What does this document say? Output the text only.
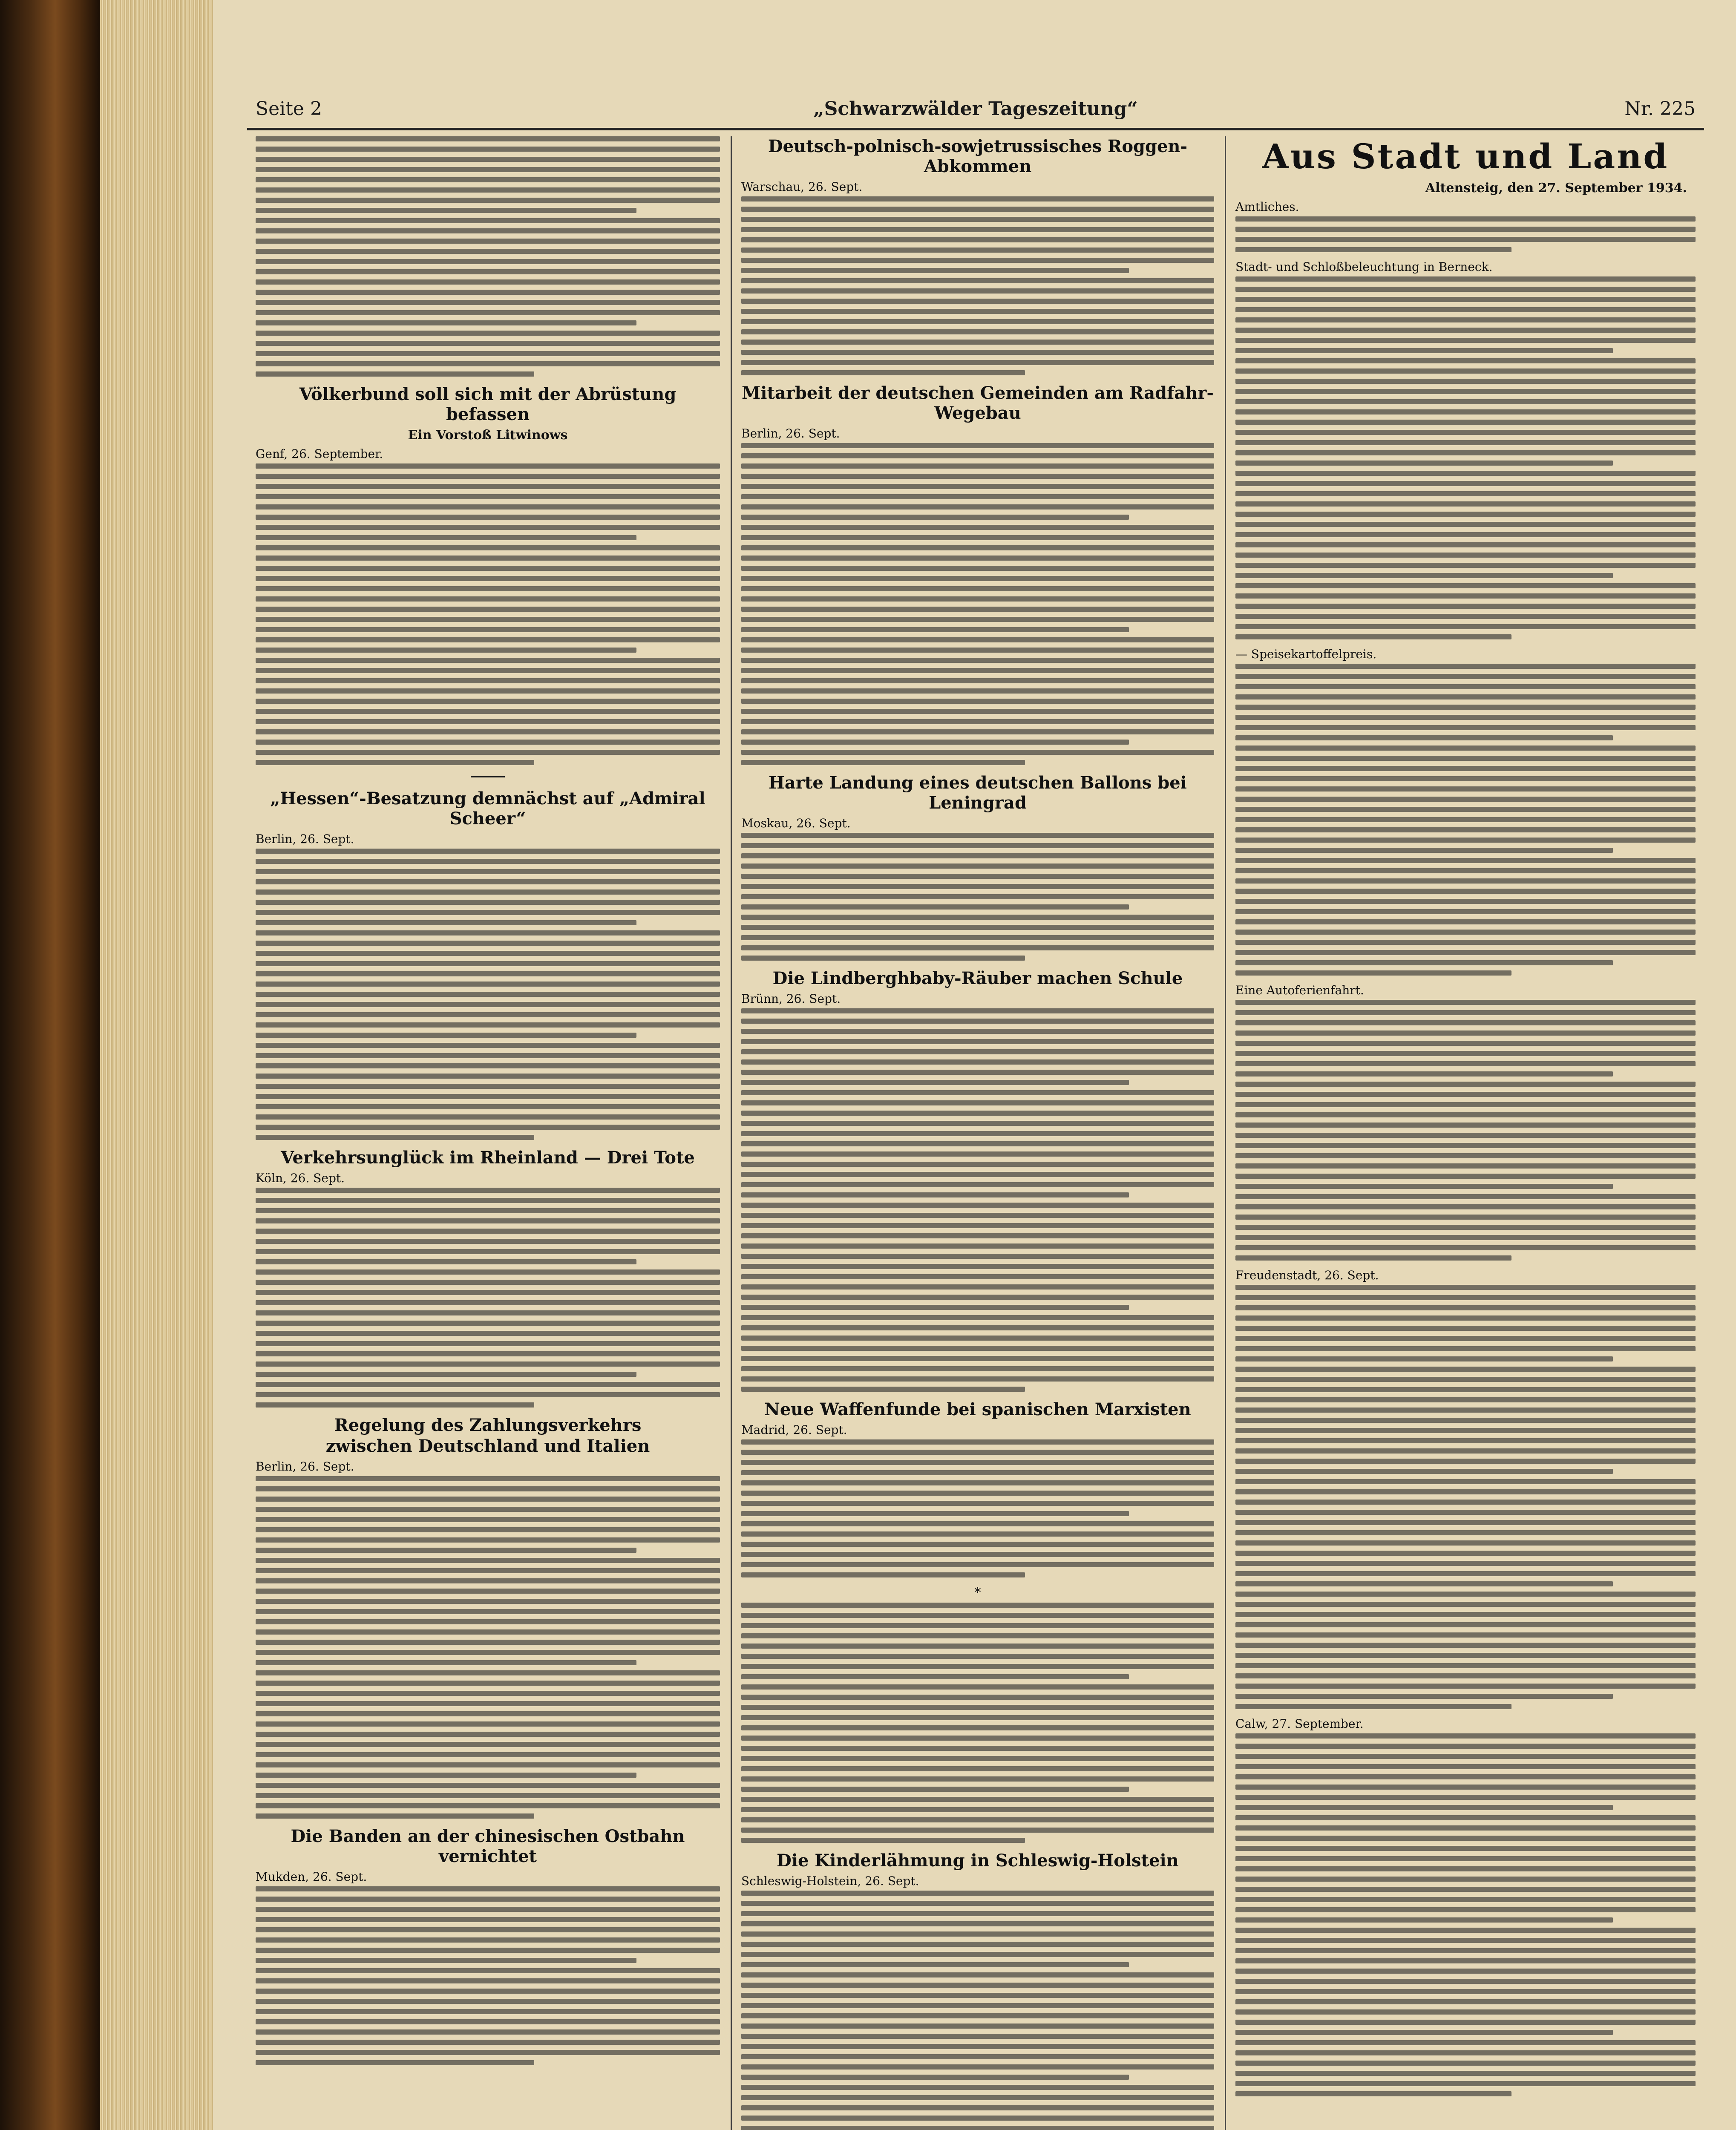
Seite 2	„Schwarzwälder Tageszeitung“	Nr. 225
Völkerbund soll sich mit der Abrüstung befassen
Ein Vorstoß Litwinows
Genf, 26. September.
„Hessen“-Besatzung demnächst auf „Admiral Scheer“
Berlin, 26. Sept.
Verkehrsunglück im Rheinland — Drei Tote
Köln, 26. Sept.
Regelung des Zahlungsverkehrs
zwischen Deutschland und Italien
Berlin, 26. Sept.
Die Banden an der chinesischen Ostbahn vernichtet
Mukden, 26. Sept.
Deutsch-polnisch-sowjetrussisches Roggen-Abkommen
Warschau, 26. Sept.
Mitarbeit der deutschen Gemeinden am Radfahr-Wegebau
Berlin, 26. Sept.
Harte Landung eines deutschen Ballons bei Leningrad
Moskau, 26. Sept.
Die Lindberghbaby-Räuber machen Schule
Brünn, 26. Sept.
Neue Waffenfunde bei spanischen Marxisten
Madrid, 26. Sept.
*
Die Kinderlähmung in Schleswig-Holstein
Schleswig-Holstein, 26. Sept.
Aus Stadt und Land
Altensteig, den 27. September 1934.
Amtliches.
Stadt- und Schloßbeleuchtung in Berneck.
— Speisekartoffelpreis.
Eine Autoferienfahrt.
Freudenstadt, 26. Sept.
Calw, 27. September.
